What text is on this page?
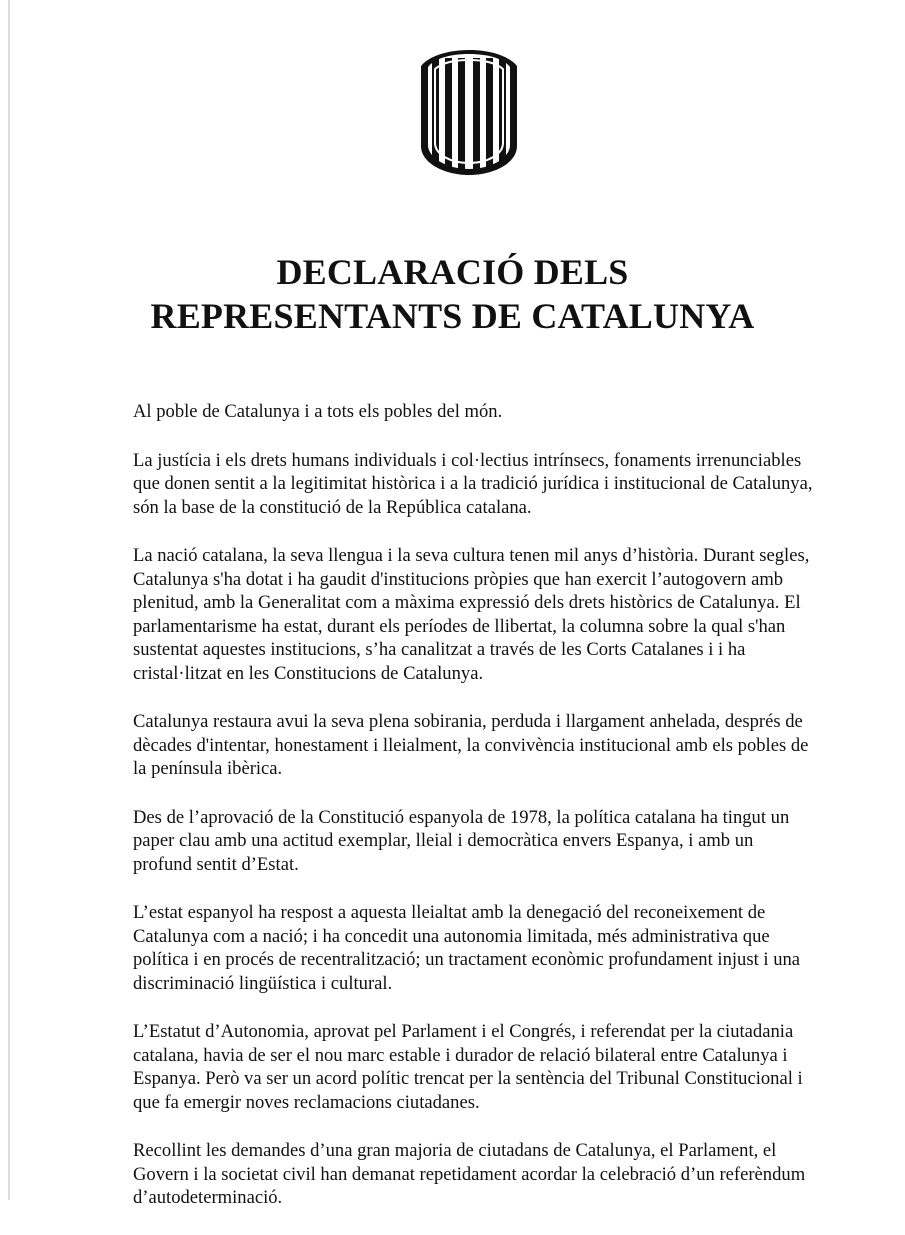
DECLARACIÓ DELS
REPRESENTANTS DE CATALUNYA

Al poble de Catalunya i a tots els pobles del món.

La justícia i els drets humans individuals i col·lectius intrínsecs, fonaments irrenunciables
que donen sentit a la legitimitat històrica i a la tradició jurídica i institucional de Catalunya,
són la base de la constitució de la República catalana.

La nació catalana, la seva llengua i la seva cultura tenen mil anys d’història. Durant segles,
Catalunya s'ha dotat i ha gaudit d'institucions pròpies que han exercit l’autogovern amb
plenitud, amb la Generalitat com a màxima expressió dels drets històrics de Catalunya. El
parlamentarisme ha estat, durant els períodes de llibertat, la columna sobre la qual s'han
sustentat aquestes institucions, s’ha canalitzat a través de les Corts Catalanes i i ha
cristal·litzat en les Constitucions de Catalunya.

Catalunya restaura avui la seva plena sobirania, perduda i llargament anhelada, després de
dècades d'intentar, honestament i lleialment, la convivència institucional amb els pobles de
la península ibèrica.

Des de l’aprovació de la Constitució espanyola de 1978, la política catalana ha tingut un
paper clau amb una actitud exemplar, lleial i democràtica envers Espanya, i amb un
profund sentit d’Estat.

L’estat espanyol ha respost a aquesta lleialtat amb la denegació del reconeixement de
Catalunya com a nació; i ha concedit una autonomia limitada, més administrativa que
política i en procés de recentralització; un tractament econòmic profundament injust i una
discriminació lingüística i cultural.

L’Estatut d’Autonomia, aprovat pel Parlament i el Congrés, i referendat per la ciutadania
catalana, havia de ser el nou marc estable i durador de relació bilateral entre Catalunya i
Espanya. Però va ser un acord polític trencat per la sentència del Tribunal Constitucional i
que fa emergir noves reclamacions ciutadanes.

Recollint les demandes d’una gran majoria de ciutadans de Catalunya, el Parlament, el
Govern i la societat civil han demanat repetidament acordar la celebració d’un referèndum
d’autodeterminació.
